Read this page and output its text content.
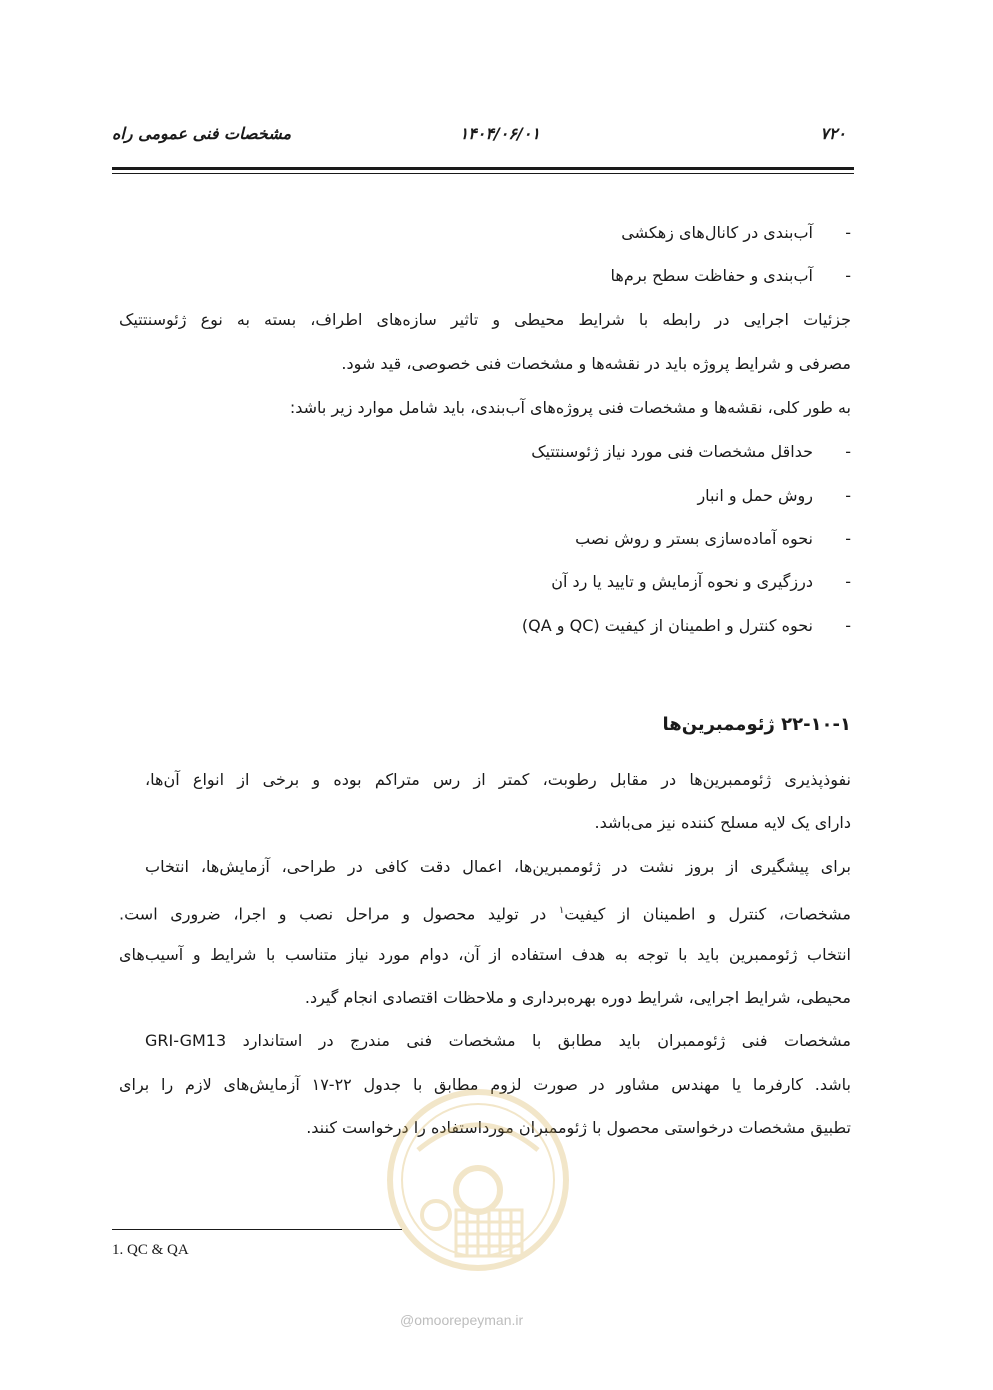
۷۲۰
۱۴۰۴/۰۶/۰۱
مشخصات فنی عمومی راه
-آب‌بندی در کانال‌های زهکشی
-آب‌بندی و حفاظت سطح برم‌ها
جزئیات اجرایی در رابطه با شرایط محیطی و تاثیر سازه‌های اطراف، بسته به نوع ژئوسنتتیک
مصرفی و شرایط پروژه باید در نقشه‌ها و مشخصات فنی خصوصی، قید شود.
به طور کلی، نقشه‌ها و مشخصات فنی پروژه‌های آب‌بندی، باید شامل موارد زیر باشد:
-حداقل مشخصات فنی مورد نیاز ژئوسنتتیک
-روش حمل و انبار
-نحوه آماده‌سازی بستر و روش نصب
-درزگیری و نحوه آزمایش و تایید یا رد آن
-نحوه کنترل و اطمینان از کیفیت (QC و QA)
۲۲-۱۰-۱ ژئوممبرین‌ها
نفوذپذیری ژئوممبرین‌ها در مقابل رطوبت، کمتر از رس متراکم بوده و برخی از انواع آن‌ها،
دارای یک لایه مسلح کننده نیز می‌باشد.
برای پیشگیری از بروز نشت در ژئوممبرین‌ها، اعمال دقت کافی در طراحی، آزمایش‌ها، انتخاب
مشخصات، کنترل و اطمینان از کیفیت$^۱$ در تولید محصول و مراحل نصب و اجرا، ضروری است.
انتخاب ژئوممبرین باید با توجه به هدف استفاده از آن، دوام مورد نیاز متناسب با شرایط و آسیب‌های
محیطی، شرایط اجرایی، شرایط دوره بهره‌برداری و ملاحظات اقتصادی انجام گیرد.
مشخصات فنی ژئوممبران باید مطابق با مشخصات فنی مندرج در استاندارد GRI-GM13
باشد. کارفرما یا مهندس مشاور در صورت لزوم مطابق با جدول ۲۲-۱۷ آزمایش‌های لازم را برای
تطبیق مشخصات درخواستی محصول با ژئوممبران مورداستفاده را درخواست کنند.
@omoorepeyman.ir
1. QC & QA
